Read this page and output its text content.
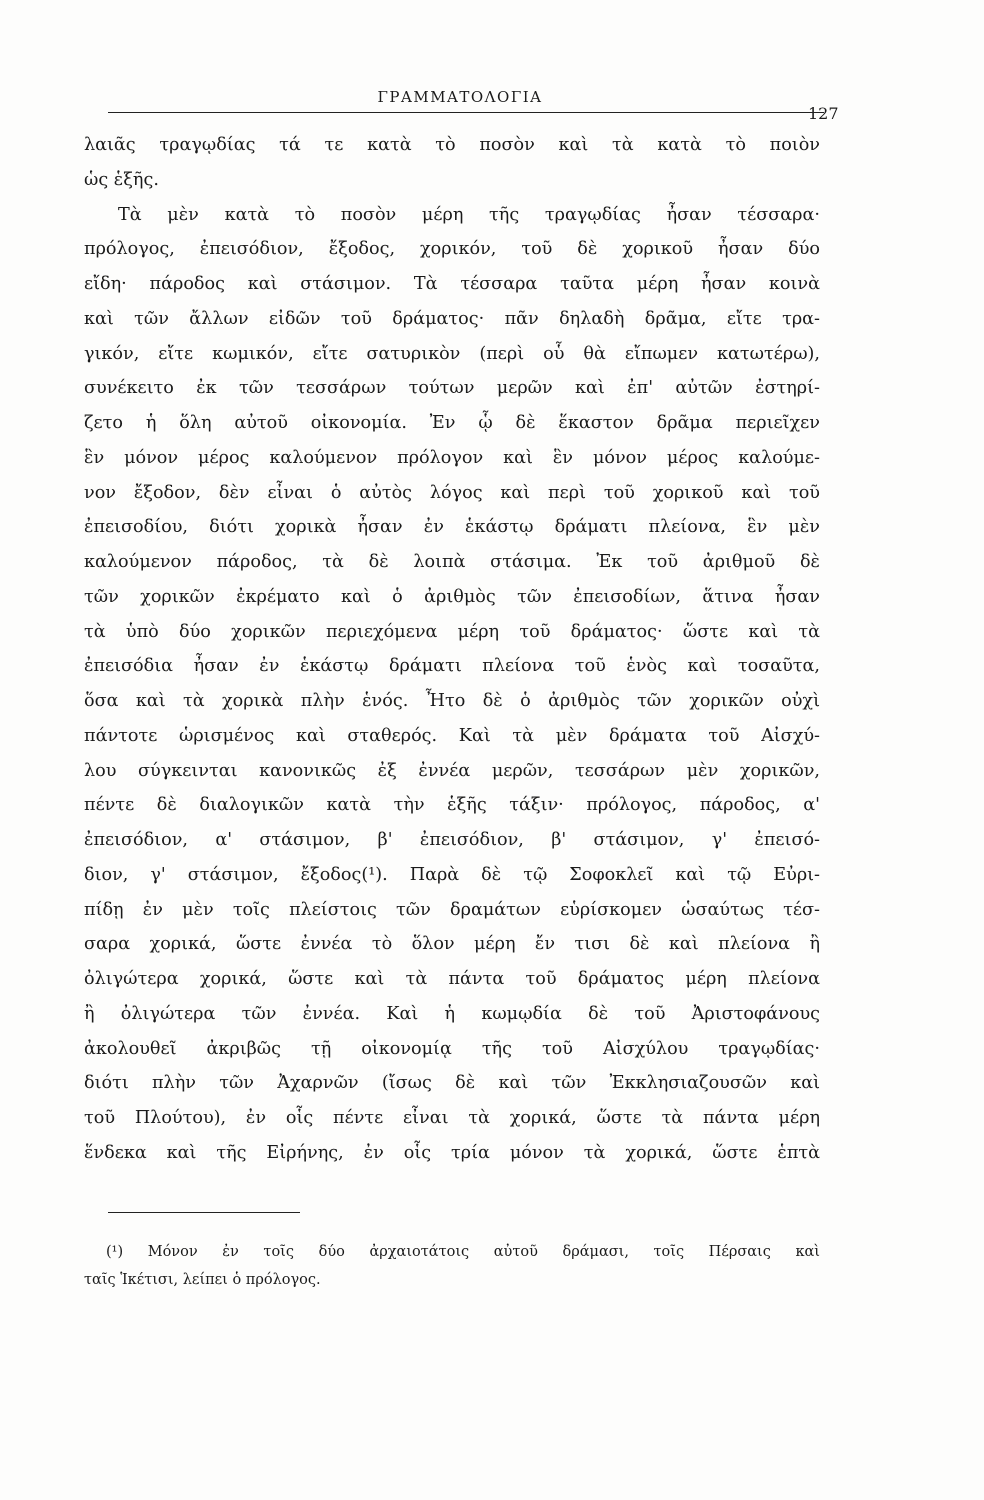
ΓΡΑΜΜΑΤΟΛΟΓΙΑ
127
λαιᾶς τραγῳδίας τά τε κατὰ τὸ ποσὸν καὶ τὰ κατὰ τὸ ποιὸν
ὡς ἑξῆς.
Τὰ μὲν κατὰ τὸ ποσὸν μέρη τῆς τραγῳδίας ἦσαν τέσσαρα·
πρόλογος, ἐπεισόδιον, ἔξοδος, χορικόν, τοῦ δὲ χορικοῦ ἦσαν δύο
εἴδη· πάροδος καὶ στάσιμον. Τὰ τέσσαρα ταῦτα μέρη ἦσαν κοινὰ
καὶ τῶν ἄλλων εἰδῶν τοῦ δράματος· πᾶν δηλαδὴ δρᾶμα, εἴτε τρα-
γικόν, εἴτε κωμικόν, εἴτε σατυρικὸν (περὶ οὗ θὰ εἴπωμεν κατωτέρω),
συνέκειτο ἐκ τῶν τεσσάρων τούτων μερῶν καὶ ἐπ' αὐτῶν ἐστηρί-
ζετο ἡ ὅλη αὐτοῦ οἰκονομία. Ἐν ᾧ δὲ ἕκαστον δρᾶμα περιεῖχεν
ἓν μόνον μέρος καλούμενον πρόλογον καὶ ἓν μόνον μέρος καλούμε-
νον ἔξοδον, δὲν εἶναι ὁ αὐτὸς λόγος καὶ περὶ τοῦ χορικοῦ καὶ τοῦ
ἐπεισοδίου, διότι χορικὰ ἦσαν ἐν ἑκάστῳ δράματι πλείονα, ἓν μὲν
καλούμενον πάροδος, τὰ δὲ λοιπὰ στάσιμα. Ἐκ τοῦ ἀριθμοῦ δὲ
τῶν χορικῶν ἐκρέματο καὶ ὁ ἀριθμὸς τῶν ἐπεισοδίων, ἅτινα ἦσαν
τὰ ὑπὸ δύο χορικῶν περιεχόμενα μέρη τοῦ δράματος· ὥστε καὶ τὰ
ἐπεισόδια ἦσαν ἐν ἑκάστῳ δράματι πλείονα τοῦ ἑνὸς καὶ τοσαῦτα,
ὅσα καὶ τὰ χορικὰ πλὴν ἑνός. Ἦτο δὲ ὁ ἀριθμὸς τῶν χορικῶν οὐχὶ
πάντοτε ὡρισμένος καὶ σταθερός. Καὶ τὰ μὲν δράματα τοῦ Αἰσχύ-
λου σύγκεινται κανονικῶς ἐξ ἐννέα μερῶν, τεσσάρων μὲν χορικῶν,
πέντε δὲ διαλογικῶν κατὰ τὴν ἑξῆς τάξιν· πρόλογος, πάροδος, α'
ἐπεισόδιον, α' στάσιμον, β' ἐπεισόδιον, β' στάσιμον, γ' ἐπεισό-
διον, γ' στάσιμον, ἔξοδος(¹). Παρὰ δὲ τῷ Σοφοκλεῖ καὶ τῷ Εὐρι-
πίδῃ ἐν μὲν τοῖς πλείστοις τῶν δραμάτων εὑρίσκομεν ὡσαύτως τέσ-
σαρα χορικά, ὥστε ἐννέα τὸ ὅλον μέρη ἔν τισι δὲ καὶ πλείονα ἢ
ὀλιγώτερα χορικά, ὥστε καὶ τὰ πάντα τοῦ δράματος μέρη πλείονα
ἢ ὀλιγώτερα τῶν ἐννέα. Καὶ ἡ κωμῳδία δὲ τοῦ Ἀριστοφάνους
ἀκολουθεῖ ἀκριβῶς τῇ οἰκονομίᾳ τῆς τοῦ Αἰσχύλου τραγῳδίας·
διότι πλὴν τῶν Ἀχαρνῶν (ἴσως δὲ καὶ τῶν Ἐκκλησιαζουσῶν καὶ
τοῦ Πλούτου), ἐν οἷς πέντε εἶναι τὰ χορικά, ὥστε τὰ πάντα μέρη
ἕνδεκα καὶ τῆς Εἰρήνης, ἐν οἷς τρία μόνον τὰ χορικά, ὥστε ἑπτὰ
(¹) Μόνον ἐν τοῖς δύο ἀρχαιοτάτοις αὐτοῦ δράμασι, τοῖς Πέρσαις καὶ
ταῖς Ἱκέτισι, λείπει ὁ πρόλογος.
